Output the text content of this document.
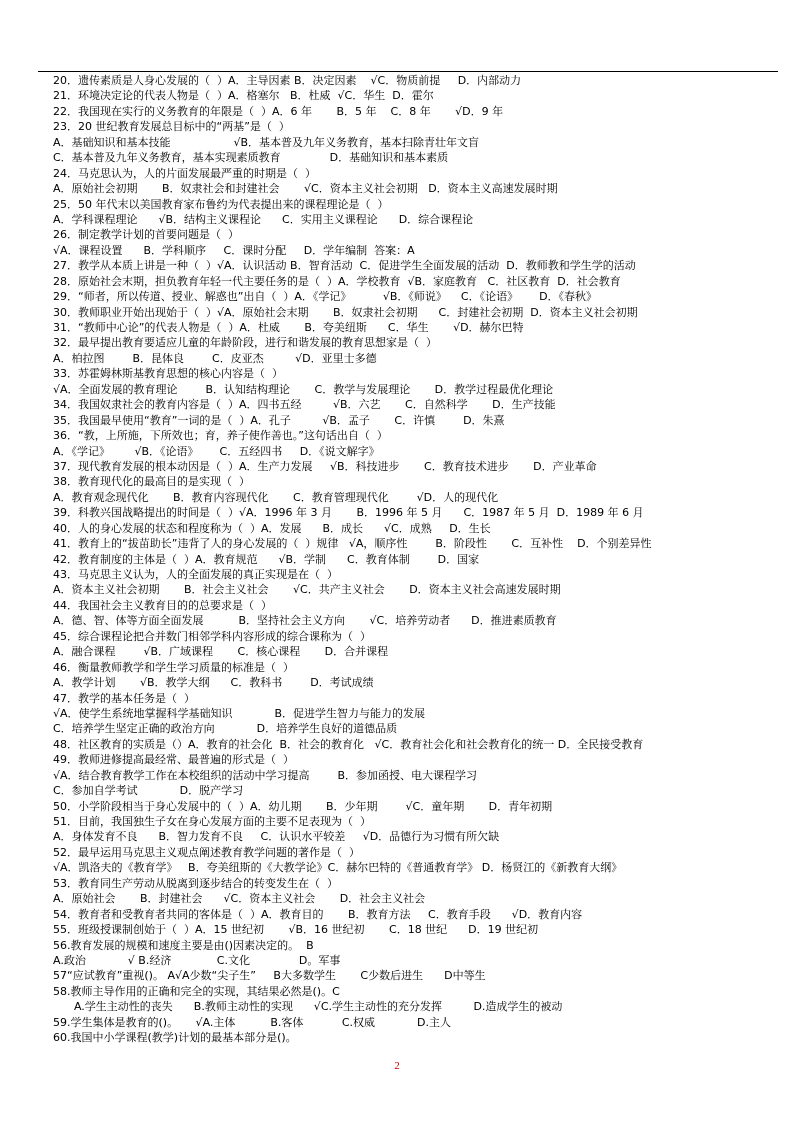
20．遗传素质是人身心发展的（  ）A．主导因素 B．决定因素    √C．物质前提     D．内部动力
21．环境决定论的代表人物是（  ）A．格塞尔   B．杜威  √C．华生  D．霍尔
22．我国现在实行的义务教育的年限是（  ）A．6 年       B．5 年    C．8 年       √D．9 年
23．20 世纪教育发展总目标中的“两基”是（  ）
A．基础知识和基本技能                  √B．基本普及九年义务教育，基本扫除青壮年文盲
C．基本普及九年义务教育，基本实现素质教育              D．基础知识和基本素质
24．马克思认为，人的片面发展最严重的时期是（  ）
A．原始社会初期       B．奴隶社会和封建社会       √C．资本主义社会初期   D．资本主义高速发展时期
25．50 年代末以美国教育家布鲁约为代表提出来的课程理论是（  ）
A．学科课程理论      √B．结构主义课程论      C．实用主义课程论      D．综合课程论
26．制定教学计划的首要问题是（  ）
√A．课程设置      B．学科顺序     C．课时分配     D．学年编制  答案：A
27．教学从本质上讲是一种（  ）√A．认识活动 B．智育活动  C．促进学生全面发展的活动  D．教师教和学生学的活动
28．原始社会末期，担负教育年轻一代主要任务的是（  ）A．学校教育  √B．家庭教育   C．社区教育  D．社会教育
29．“师者，所以传道、授业、解惑也”出自（  ）A．《学记》         √B．《师说》    C．《论语》      D．《春秋》
30．教师职业开始出现始于（  ）√A．原始社会末期       B．奴隶社会初期      C．封建社会初期  D．资本主义社会初期
31．“教师中心论”的代表人物是（  ）A．杜威       B．夸美纽斯      C．华生       √D．赫尔巴特
32．最早提出教育要适应儿童的年龄阶段，进行和谐发展的教育思想家是（  ）
A．柏拉图        B．昆体良        C．皮亚杰         √D．亚里士多德
33．苏霍姆林斯基教育思想的核心内容是（  ）
√A．全面发展的教育理论        B．认知结构理论       C．教学与发展理论       D．教学过程最优化理论
34．我国奴隶社会的教育内容是（  ）A．四书五经         √B．六艺       C．自然科学       D．生产技能
35．我国最早使用“教育”一词的是（  ）A．孔子         √B．孟子       C．许慎        D．朱熹
36．“教，上所施，下所效也；育，养子使作善也。”这句话出自（  ）
A．《学记》       √B．《论语》      C．五经四书     D．《说文解字》
37．现代教育发展的根本动因是（  ）A．生产力发展     √B．科技进步       C．教育技术进步       D．产业革命
38．教育现代化的最高目的是实现（  ）
A．教育观念现代化       B．教育内容现代化       C．教育管理现代化        √D．人的现代化
39．科教兴国战略提出的时间是（  ）√A．1996 年 3 月       B．1996 年 5 月      C．1987 年 5 月  D．1989 年 6 月
40．人的身心发展的状态和程度称为（  ）A．发展      B．成长      √C．成熟     D．生长
41．教育上的“拔苗助长”违背了人的身心发展的（  ）规律   √A，顺序性        B．阶段性       C．互补性    D．个别差异性
42．教育制度的主体是（  ）A．教育规范      √B．学制      C．教育体制        D．国家
43．马克思主义认为，人的全面发展的真正实现是在（  ）
A．资本主义社会初期       B．社会主义社会       √C．共产主义社会       D．资本主义社会高速发展时期
44．我国社会主义教育目的的总要求是（  ）
A．德、智、体等方面全面发展          B．坚持社会主义方向       √C．培养劳动者      D．推进素质教育
45．综合课程论把合并数门相邻学科内容形成的综合课称为（  ）
A．融合课程        √B．广域课程       C．核心课程       D．合并课程
46．衡量教师教学和学生学习质量的标准是（  ）
A．教学计划       √B．教学大纲      C．教科书        D．考试成绩
47．教学的基本任务是（  ）
√A．使学生系统地掌握科学基础知识            B．促进学生智力与能力的发展
C．培养学生坚定正确的政治方向            D．培养学生良好的道德品质
48．社区教育的实质是（）A．教育的社会化  B．社会的教育化   √C．教育社会化和社会教育化的统一 D．全民接受教育
49．教师进修提高最经常、最普遍的形式是（  ）
√A．结合教育教学工作在本校组织的活动中学习提高        B．参加函授、电大课程学习
C．参加自学考试            D．脱产学习
50．小学阶段相当于身心发展中的（  ）A．幼儿期       B．少年期        √C．童年期       D．青年初期
51．目前，我国独生子女在身心发展方面的主要不足表现为（  ）
A．身体发育不良      B．智力发育不良     C．认识水平较差     √D．品德行为习惯有所欠缺
52．最早运用马克思主义观点阐述教育教学问题的著作是（  ）
√A．凯洛夫的《教育学》   B．夸美纽斯的《大教学论》C．赫尔巴特的《普通教育学》 D．杨贤江的《新教育大纲》
53．教育同生产劳动从脱离到逐步结合的转变发生在（  ）
A．原始社会       B．封建社会      √C．资本主义社会       D．社会主义社会
54．教育者和受教育者共同的客体是（  ）A．教育目的       B．教育方法     C．教育手段      √D．教育内容
55．班级授课制创始于（  ）A．15 世纪初       √B．16 世纪初       C．18 世纪      D．19 世纪初
56.教育发展的规模和速度主要是由()因素决定的。  B
A.政治            √ B.经济             C.文化              D。军事
57“应试教育”重视()。 A√A少数“尖子生”     B大多数学生       C少数后进生      D中等生
58.教师主导作用的正确和完全的实现，其结果必然是()。C
A.学生主动性的丧失      B.教师主动性的实现      √C.学生主动性的充分发挥         D.造成学生的被动
59.学生集体是教育的()。     √A.主体          B.客体           C.权威            D.主人
60.我国中小学课程(教学)计划的最基本部分是()。
2
